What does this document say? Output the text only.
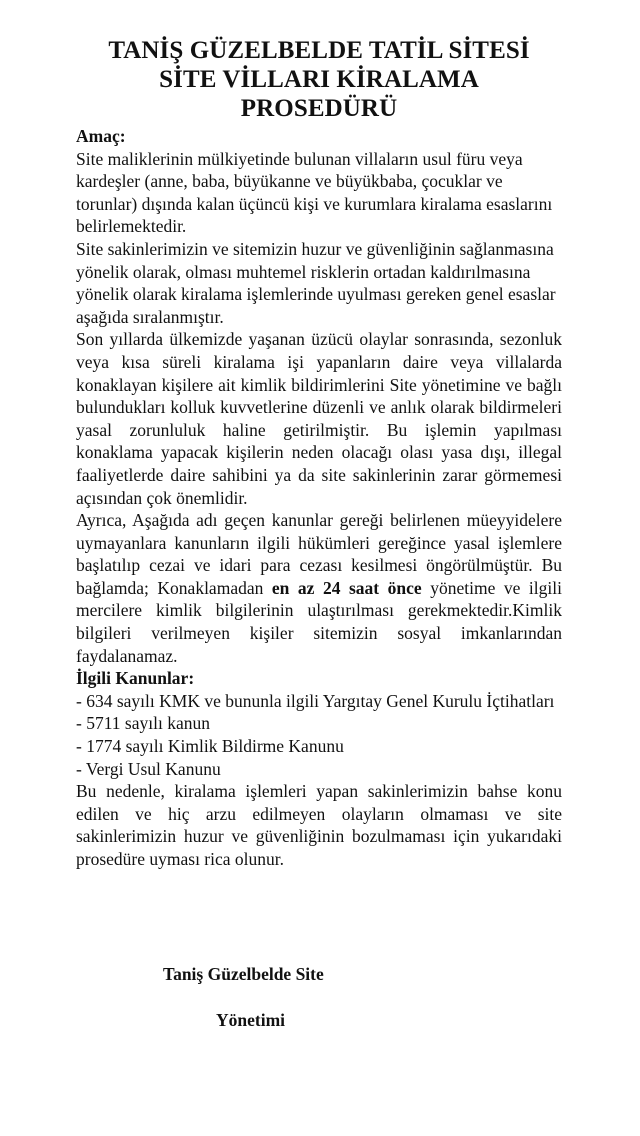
TANİŞ GÜZELBELDE TATİL SİTESİ

SİTE VİLLARI KİRALAMA

PROSEDÜRÜ

Amaç:

Site maliklerinin mülkiyetinde bulunan villaların usul füru veya kardeşler (anne, baba, büyükanne ve büyükbaba, çocuklar ve torunlar) dışında kalan üçüncü kişi ve kurumlara kiralama esaslarını belirlemektedir.

Site sakinlerimizin ve sitemizin huzur ve güvenliğinin sağlanmasına yönelik olarak, olması muhtemel risklerin ortadan kaldırılmasına yönelik olarak kiralama işlemlerinde uyulması gereken genel esaslar aşağıda sıralanmıştır.

Son yıllarda ülkemizde yaşanan üzücü olaylar sonrasında, sezonluk veya kısa süreli kiralama işi yapanların daire veya villalarda konaklayan kişilere ait kimlik bildirimlerini Site yönetimine ve bağlı bulundukları kolluk kuvvetlerine düzenli ve anlık olarak bildirmeleri yasal zorunluluk haline getirilmiştir. Bu işlemin yapılması konaklama yapacak kişilerin neden olacağı olası yasa dışı, illegal faaliyetlerde daire sahibini ya da site sakinlerinin zarar görmemesi açısından çok önemlidir.

Ayrıca, Aşağıda adı geçen kanunlar gereği belirlenen müeyyidelere uymayanlara kanunların ilgili hükümleri gereğince yasal işlemlere başlatılıp cezai ve idari para cezası kesilmesi öngörülmüştür. Bu bağlamda; Konaklamadan en az 24 saat önce yönetime ve ilgili mercilere kimlik bilgilerinin ulaştırılması gerekmektedir.Kimlik bilgileri verilmeyen kişiler sitemizin sosyal imkanlarından faydalanamaz.

İlgili Kanunlar:

- 634 sayılı KMK ve bununla ilgili Yargıtay Genel Kurulu İçtihatları
- 5711 sayılı kanun
- 1774 sayılı Kimlik Bildirme Kanunu
- Vergi Usul Kanunu

Bu nedenle, kiralama işlemleri yapan sakinlerimizin bahse konu edilen ve hiç arzu edilmeyen olayların olmaması ve site sakinlerimizin huzur ve güvenliğinin bozulmaması için yukarıdaki prosedüre uyması rica olunur.

Taniş Güzelbelde Site
Yönetimi
